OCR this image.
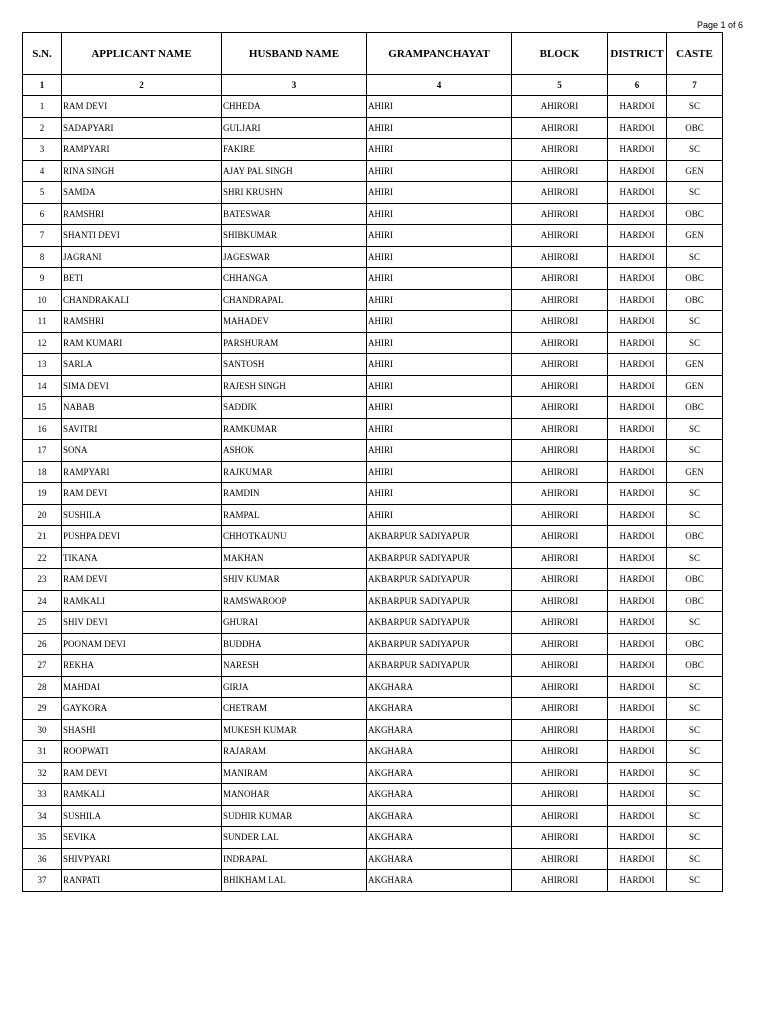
Page 1 of 6
S.N.	APPLICANT NAME	HUSBAND NAME	GRAMPANCHAYAT	BLOCK	DISTRICT	CASTE
1	2	3	4	5	6	7
1	RAM DEVI	CHHEDA	AHIRI	AHIRORI	HARDOI	SC
2	SADAPYARI	GULJARI	AHIRI	AHIRORI	HARDOI	OBC
3	RAMPYARI	FAKIRE	AHIRI	AHIRORI	HARDOI	SC
4	RINA SINGH	AJAY PAL SINGH	AHIRI	AHIRORI	HARDOI	GEN
5	SAMDA	SHRI KRUSHN	AHIRI	AHIRORI	HARDOI	SC
6	RAMSHRI	BATESWAR	AHIRI	AHIRORI	HARDOI	OBC
7	SHANTI DEVI	SHIBKUMAR	AHIRI	AHIRORI	HARDOI	GEN
8	JAGRANI	JAGESWAR	AHIRI	AHIRORI	HARDOI	SC
9	BETI	CHHANGA	AHIRI	AHIRORI	HARDOI	OBC
10	CHANDRAKALI	CHANDRAPAL	AHIRI	AHIRORI	HARDOI	OBC
11	RAMSHRI	MAHADEV	AHIRI	AHIRORI	HARDOI	SC
12	RAM KUMARI	PARSHURAM	AHIRI	AHIRORI	HARDOI	SC
13	SARLA	SANTOSH	AHIRI	AHIRORI	HARDOI	GEN
14	SIMA DEVI	RAJESH SINGH	AHIRI	AHIRORI	HARDOI	GEN
15	NABAB	SADDIK	AHIRI	AHIRORI	HARDOI	OBC
16	SAVITRI	RAMKUMAR	AHIRI	AHIRORI	HARDOI	SC
17	SONA	ASHOK	AHIRI	AHIRORI	HARDOI	SC
18	RAMPYARI	RAJKUMAR	AHIRI	AHIRORI	HARDOI	GEN
19	RAM DEVI	RAMDIN	AHIRI	AHIRORI	HARDOI	SC
20	SUSHILA	RAMPAL	AHIRI	AHIRORI	HARDOI	SC
21	PUSHPA DEVI	CHHOTKAUNU	AKBARPUR SADIYAPUR	AHIRORI	HARDOI	OBC
22	TIKANA	MAKHAN	AKBARPUR SADIYAPUR	AHIRORI	HARDOI	SC
23	RAM DEVI	SHIV KUMAR	AKBARPUR SADIYAPUR	AHIRORI	HARDOI	OBC
24	RAMKALI	RAMSWAROOP	AKBARPUR SADIYAPUR	AHIRORI	HARDOI	OBC
25	SHIV DEVI	GHURAI	AKBARPUR SADIYAPUR	AHIRORI	HARDOI	SC
26	POONAM DEVI	BUDDHA	AKBARPUR SADIYAPUR	AHIRORI	HARDOI	OBC
27	REKHA	NARESH	AKBARPUR SADIYAPUR	AHIRORI	HARDOI	OBC
28	MAHDAI	GIRJA	AKGHARA	AHIRORI	HARDOI	SC
29	GAYKORA	CHETRAM	AKGHARA	AHIRORI	HARDOI	SC
30	SHASHI	MUKESH KUMAR	AKGHARA	AHIRORI	HARDOI	SC
31	ROOPWATI	RAJARAM	AKGHARA	AHIRORI	HARDOI	SC
32	RAM DEVI	MANIRAM	AKGHARA	AHIRORI	HARDOI	SC
33	RAMKALI	MANOHAR	AKGHARA	AHIRORI	HARDOI	SC
34	SUSHILA	SUDHIR KUMAR	AKGHARA	AHIRORI	HARDOI	SC
35	SEVIKA	SUNDER LAL	AKGHARA	AHIRORI	HARDOI	SC
36	SHIVPYARI	INDRAPAL	AKGHARA	AHIRORI	HARDOI	SC
37	RANPATI	BHIKHAM LAL	AKGHARA	AHIRORI	HARDOI	SC
